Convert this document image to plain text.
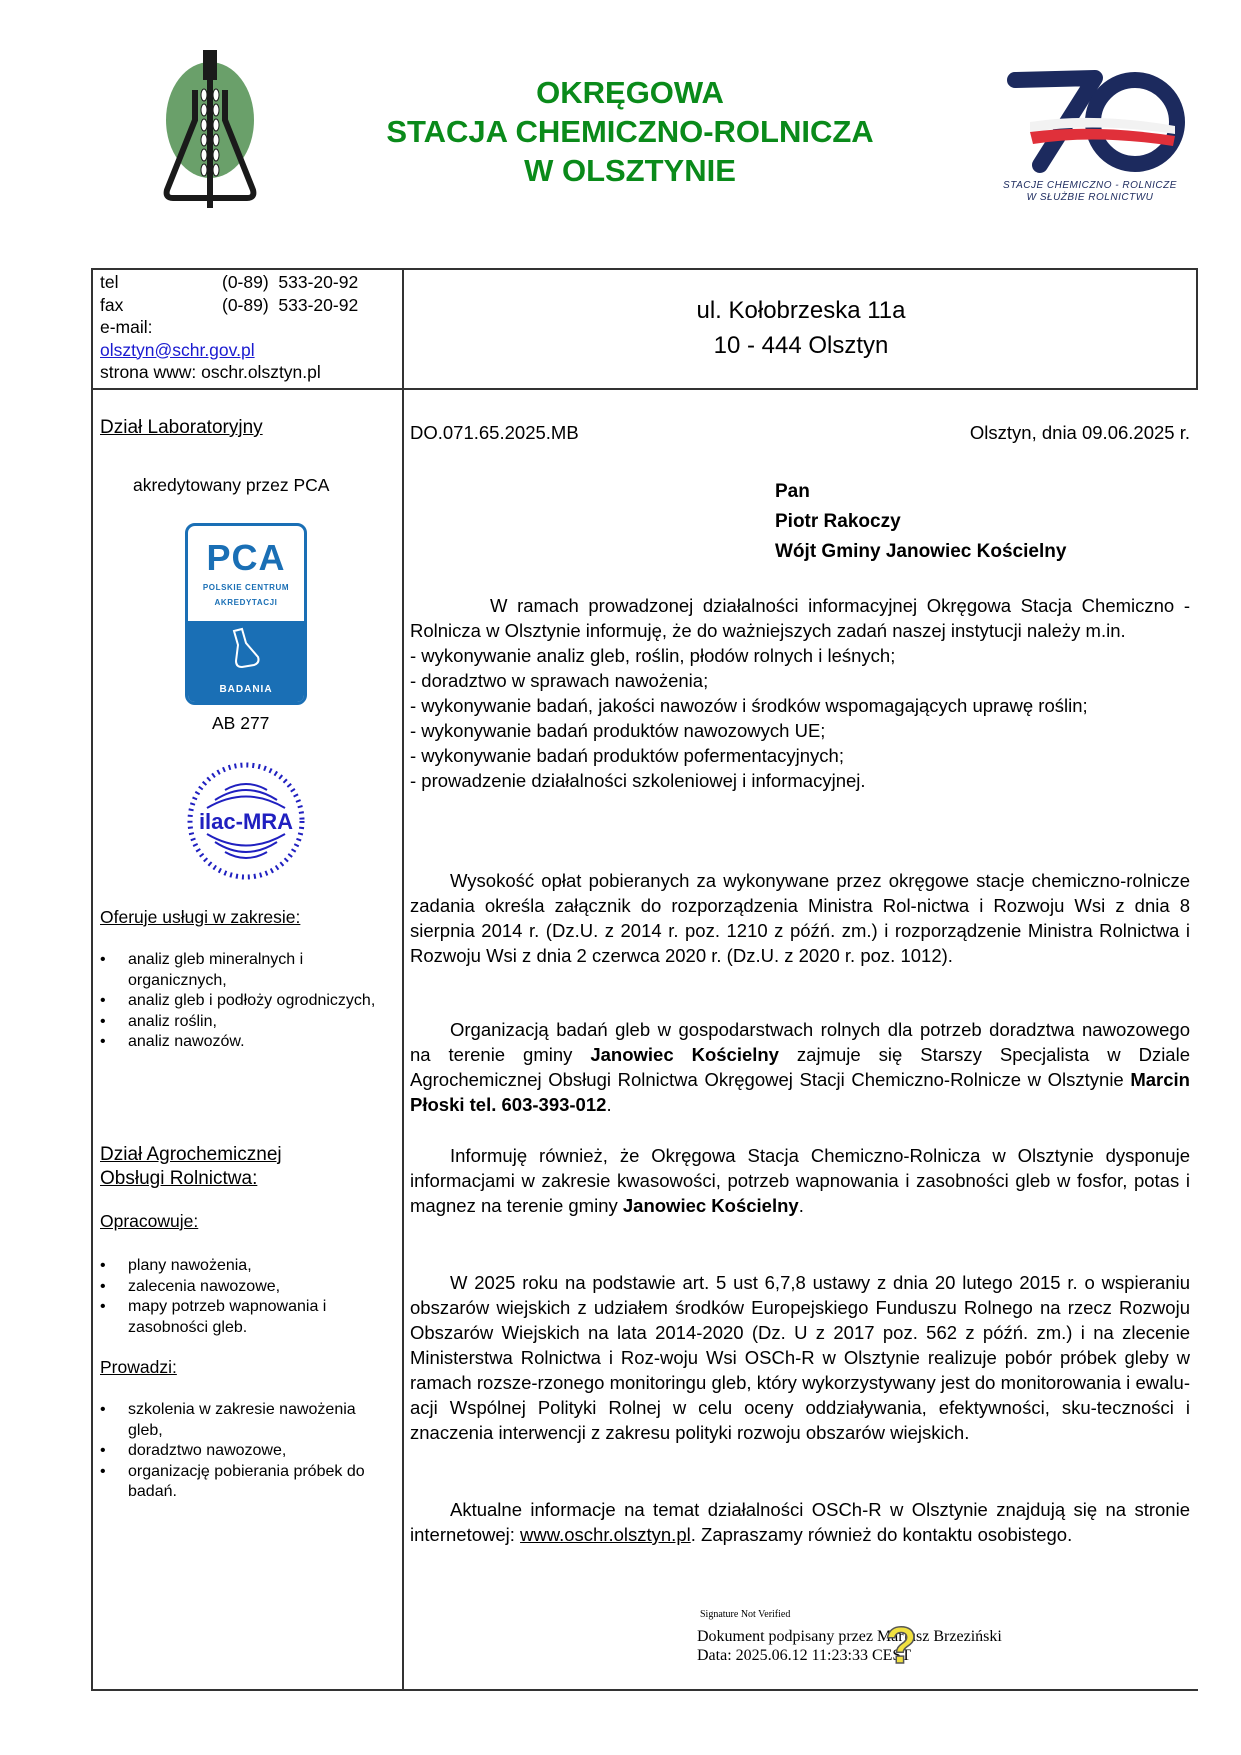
OKRĘGOWA
STACJA CHEMICZNO-ROLNICZA
W OLSZTYNIE	STACJE CHEMICZNO - ROLNICZE
W SŁUŻBIE ROLNICTWU
tel	(0-89)  533-20-92
fax	(0-89)  533-20-92
e-mail:
olsztyn@schr.gov.pl
strona www: oschr.olsztyn.pl
ul. Kołobrzeska 11a
10 - 444 Olsztyn
Dział Laboratoryjny
akredytowany przez PCA
PCA
POLSKIE CENTRUM
AKREDYTACJI
BADANIA
AB 277
ilac-MRA
Oferuje usługi w zakresie:
• analiz gleb mineralnych i organicznych,
• analiz gleb i podłoży ogrodniczych,
• analiz roślin,
• analiz nawozów.
Dział Agrochemicznej
Obsługi Rolnictwa:
Opracowuje:
• plany nawożenia,
• zalecenia nawozowe,
• mapy potrzeb wapnowania i zasobności gleb.
Prowadzi:
• szkolenia w zakresie nawożenia gleb,
• doradztwo nawozowe,
• organizację pobierania próbek do badań.
DO.071.65.2025.MB	Olsztyn, dnia 09.06.2025 r.
Pan
Piotr Rakoczy
Wójt Gminy Janowiec Kościelny

W ramach prowadzonej działalności informacyjnej Okręgowa Stacja Chemiczno - Rolnicza w Olsztynie informuję, że do ważniejszych zadań naszej instytucji należy m.in.

- wykonywanie analiz gleb, roślin, płodów rolnych i leśnych;
- doradztwo w sprawach nawożenia;

- wykonywanie badań, jakości nawozów i środków wspomagających uprawę roślin;

- wykonywanie badań produktów nawozowych UE;
- wykonywanie badań produktów pofermentacyjnych;
- prowadzenie działalności szkoleniowej i informacyjnej.

Wysokość opłat pobieranych za wykonywane przez okręgowe stacje chemiczno-rolnicze zadania określa załącznik do rozporządzenia Ministra Rol-nictwa i Rozwoju Wsi z dnia 8 sierpnia 2014 r. (Dz.U. z 2014 r. poz. 1210 z późń. zm.) i rozporządzenie Ministra Rolnictwa i Rozwoju Wsi z dnia 2 czerwca 2020 r. (Dz.U. z 2020 r. poz. 1012).

Organizacją badań gleb w gospodarstwach rolnych dla potrzeb doradztwa nawozowego na terenie gminy Janowiec Kościelny zajmuje się Starszy Specjalista w Dziale Agrochemicznej Obsługi Rolnictwa Okręgowej Stacji Chemiczno-Rolnicze w Olsztynie Marcin Płoski tel. 603-393-012.

Informuję również, że Okręgowa Stacja Chemiczno-Rolnicza w Olsztynie dysponuje informacjami w zakresie kwasowości, potrzeb wapnowania i zasobności gleb w fosfor, potas i magnez na terenie gminy Janowiec Kościelny.

W 2025 roku na podstawie art. 5 ust 6,7,8 ustawy z dnia 20 lutego 2015 r. o wspieraniu obszarów wiejskich z udziałem środków Europejskiego Funduszu Rolnego na rzecz Rozwoju Obszarów Wiejskich na lata 2014-2020 (Dz. U z 2017 poz. 562 z późń. zm.) i na zlecenie Ministerstwa Rolnictwa i Roz-woju Wsi OSCh-R w Olsztynie realizuje pobór próbek gleby w ramach rozsze-rzonego monitoringu gleb, który wykorzystywany jest do monitorowania i ewalu-acji Wspólnej Polityki Rolnej w celu oceny oddziaływania, efektywności, sku-teczności i znaczenia interwencji z zakresu polityki rozwoju obszarów wiejskich.

Aktualne informacje na temat działalności OSCh-R w Olsztynie znajdują się na stronie internetowej: www.oschr.olsztyn.pl. Zapraszamy również do kontaktu osobistego.

Signature Not Verified
Dokument podpisany przez Mariusz Brzeziński
Data: 2025.06.12 11:23:33 CEST
?
